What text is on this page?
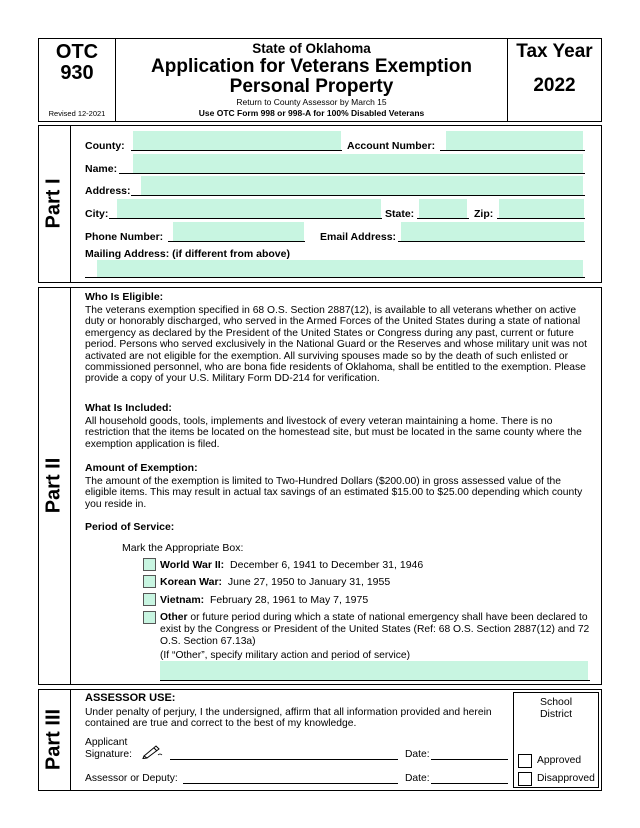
OTC
930
Revised 12-2021
State of Oklahoma
Application for Veterans Exemption
Personal Property
Return to County Assessor by March 15
Use OTC Form 998 or 998-A for 100% Disabled Veterans
Tax Year
2022
Part I
County:	Account Number:
Name:
Address:
City:	State:	Zip:
Phone Number:	Email Address:
Mailing Address: (if different from above)
Part II
Who Is Eligible:
The veterans exemption specified in 68 O.S. Section 2887(12), is available to all veterans whether on active duty or honorably discharged, who served in the Armed Forces of the United States during a state of national emergency as declared by the President of the United States or Congress during any past, current or future period. Persons who served exclusively in the National Guard or the Reserves and whose military unit was not activated are not eligible for the exemption. All surviving spouses made so by the death of such enlisted or commissioned personnel, who are bona fide residents of Oklahoma, shall be entitled to the exemption. Please provide a copy of your U.S. Military Form DD-214 for verification.
What Is Included:
All household goods, tools, implements and livestock of every veteran maintaining a home. There is no restriction that the items be located on the homestead site, but must be located in the same county where the exemption application is filed.
Amount of Exemption:
The amount of the exemption is limited to Two-Hundred Dollars ($200.00) in gross assessed value of the eligible items. This may result in actual tax savings of an estimated $15.00 to $25.00 depending which county you reside in.
Period of Service:
Mark the Appropriate Box:
World War II: December 6, 1941 to December 31, 1946
Korean War: June 27, 1950 to January 31, 1955
Vietnam: February 28, 1961 to May 7, 1975
Other or future period during which a state of national emergency shall have been declared to exist by the Congress or President of the United States (Ref: 68 O.S. Section 2887(12) and 72 O.S. Section 67.13a)
(If “Other”, specify military action and period of service)
Part III
ASSESSOR USE:
Under penalty of perjury, I the undersigned, affirm that all information provided and herein contained are true and correct to the best of my knowledge.
Applicant
Signature:	Date:
Assessor or Deputy:	Date:
School
District
Approved
Disapproved
